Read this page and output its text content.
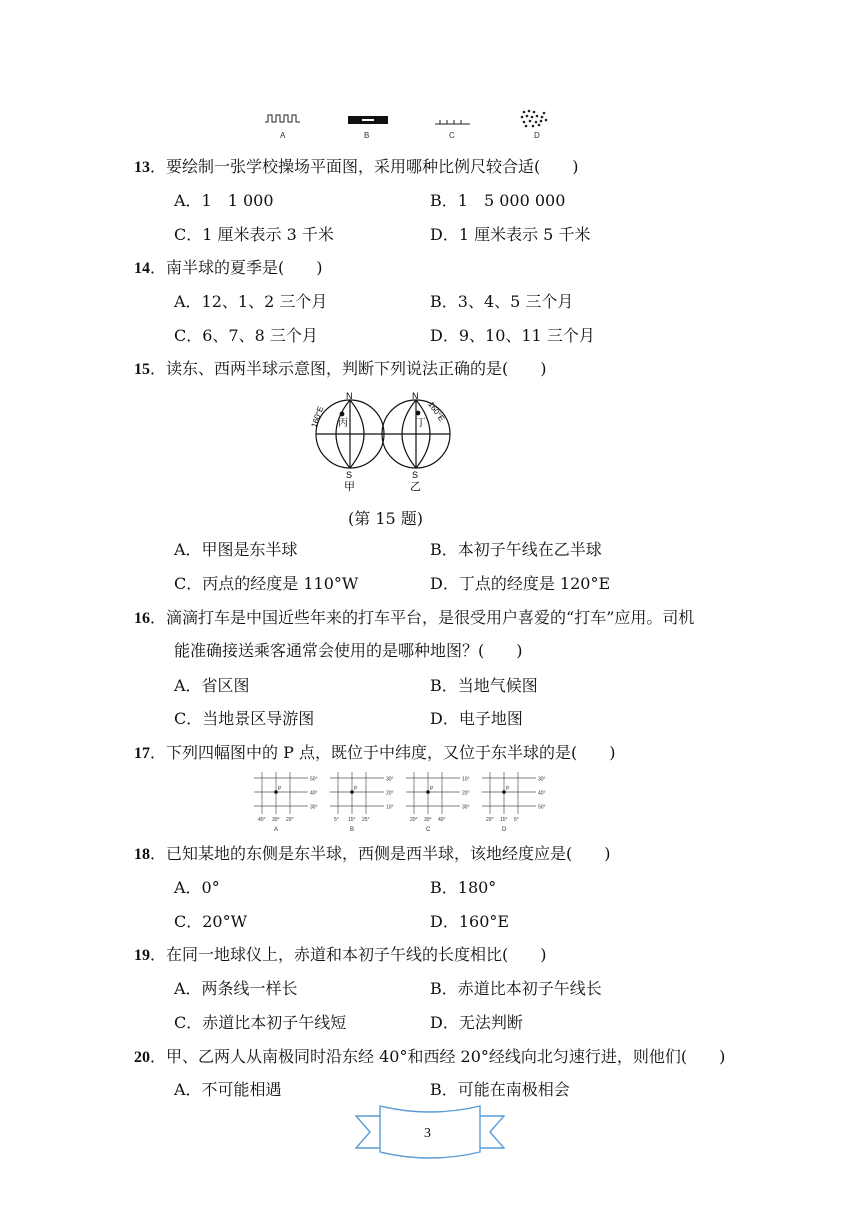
A	B	C	D
13．要绘制一张学校操场平面图，采用哪种比例尺较合适(　　)
A．1　1 000	B．1　5 000 000
C．1 厘米表示 3 千米	D．1 厘米表示 5 千米
14．南半球的夏季是(　　)
A．12、1、2 三个月	B．3、4、5 三个月
C．6、7、8 三个月	D．9、10、11 三个月
15．读东、西两半球示意图，判断下列说法正确的是(　　)
N	N
S	S
丙	丁
160°E	160°E
甲	乙
(第 15 题)
A．甲图是东半球	B．本初子午线在乙半球
C．丙点的经度是 110°W	D．丁点的经度是 120°E
16．滴滴打车是中国近些年来的打车平台，是很受用户喜爱的“打车”应用。司机
能准确接送乘客通常会使用的是哪种地图？(　　)
A．省区图	B．当地气候图
C．当地景区导游图	D．电子地图
17．下列四幅图中的 P 点，既位于中纬度，又位于东半球的是(　　)
50°
40°
30°
40° 30° 20°
P
A
30°
20°
10°
5° 15° 25°
P
B
10°
20°
30°
20° 30° 40°
P
C
30°
40°
50°
20° 15° 5°
P
D
18．已知某地的东侧是东半球，西侧是西半球，该地经度应是(　　)
A．0°	B．180°
C．20°W	D．160°E
19．在同一地球仪上，赤道和本初子午线的长度相比(　　)
A．两条线一样长	B．赤道比本初子午线长
C．赤道比本初子午线短	D．无法判断
20．甲、乙两人从南极同时沿东经 40°和西经 20°经线向北匀速行进，则他们(　　)
A．不可能相遇	B．可能在南极相会
3
